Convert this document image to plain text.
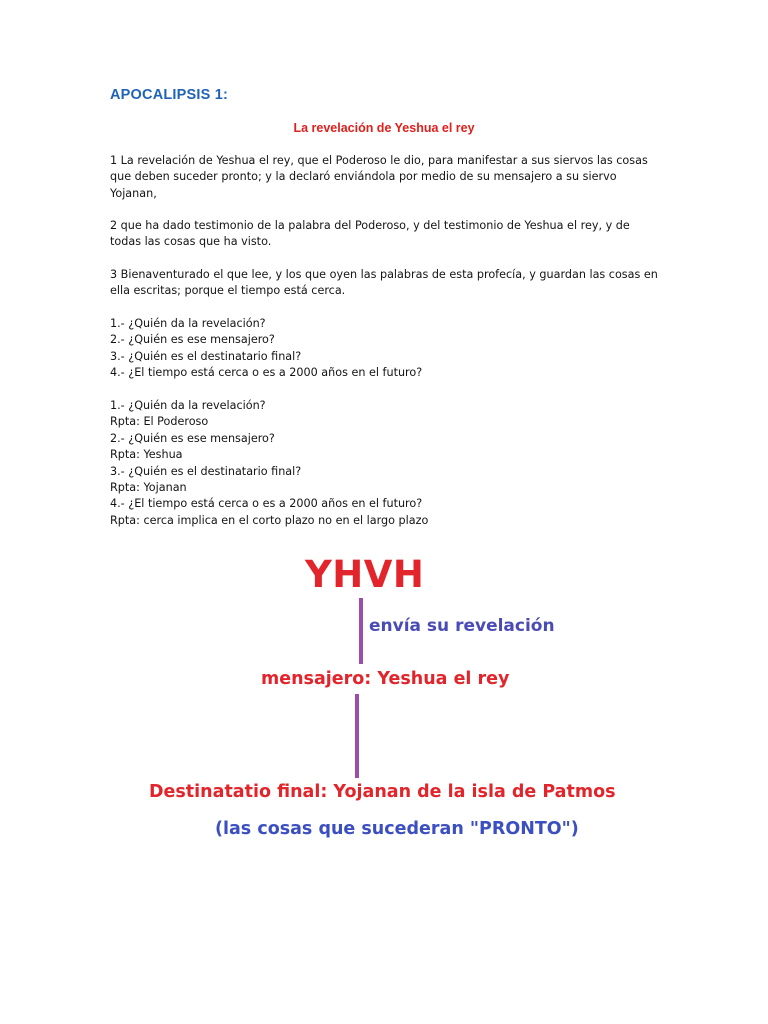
APOCALIPSIS 1:
La revelación de Yeshua el rey

1 La revelación de Yeshua el rey, que el Poderoso le dio, para manifestar a sus siervos las cosas
que deben suceder pronto; y la declaró enviándola por medio de su mensajero a su siervo
Yojanan,

2 que ha dado testimonio de la palabra del Poderoso, y del testimonio de Yeshua el rey, y de
todas las cosas que ha visto.

3 Bienaventurado el que lee, y los que oyen las palabras de esta profecía, y guardan las cosas en
ella escritas; porque el tiempo está cerca.

1.- ¿Quién da la revelación?
2.- ¿Quién es ese mensajero?
3.- ¿Quién es el destinatario final?
4.- ¿El tiempo está cerca o es a 2000 años en el futuro?
1.- ¿Quién da la revelación?
Rpta: El Poderoso
2.- ¿Quién es ese mensajero?
Rpta: Yeshua
3.- ¿Quién es el destinatario final?
Rpta: Yojanan
4.- ¿El tiempo está cerca o es a 2000 años en el futuro?
Rpta: cerca implica en el corto plazo no en el largo plazo
YHVH
envía su revelación
mensajero: Yeshua el rey
Destinatatio final: Yojanan de la isla de Patmos
(las cosas que sucederan "PRONTO")
